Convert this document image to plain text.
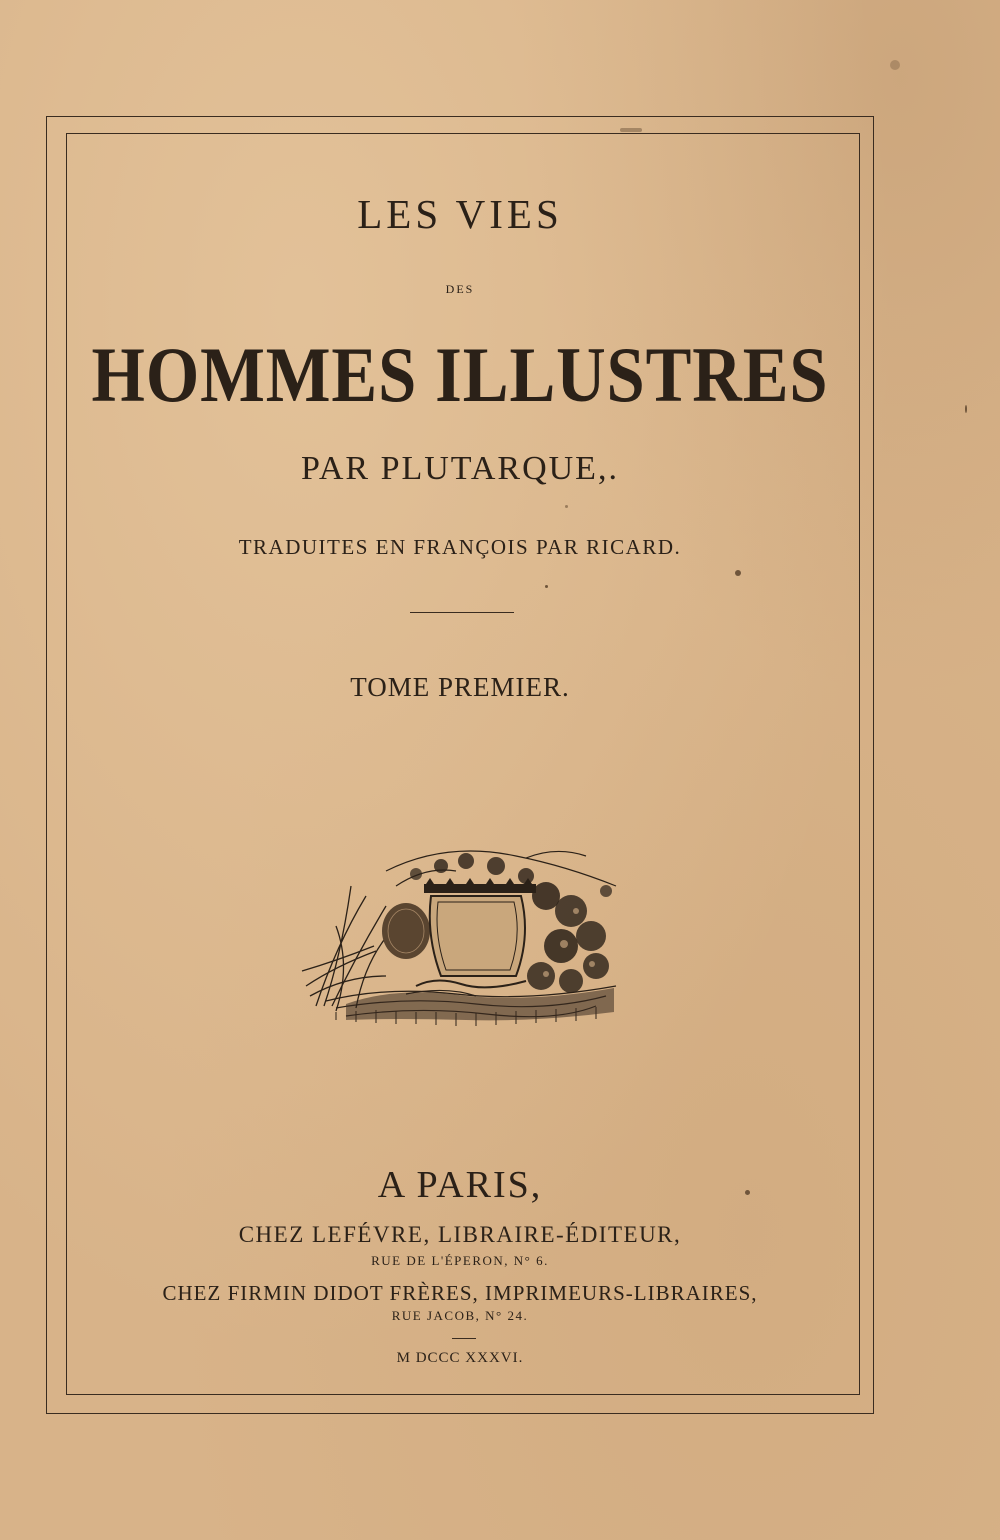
LES VIES
DES
HOMMES ILLUSTRES
PAR PLUTARQUE,.
TRADUITES EN FRANÇOIS PAR RICARD.
TOME PREMIER.
A PARIS,
CHEZ LEFÉVRE, LIBRAIRE-ÉDITEUR,
RUE DE L'ÉPERON, N° 6.
CHEZ FIRMIN DIDOT FRÈRES, IMPRIMEURS-LIBRAIRES,
RUE JACOB, N° 24.
M DCCC XXXVI.
